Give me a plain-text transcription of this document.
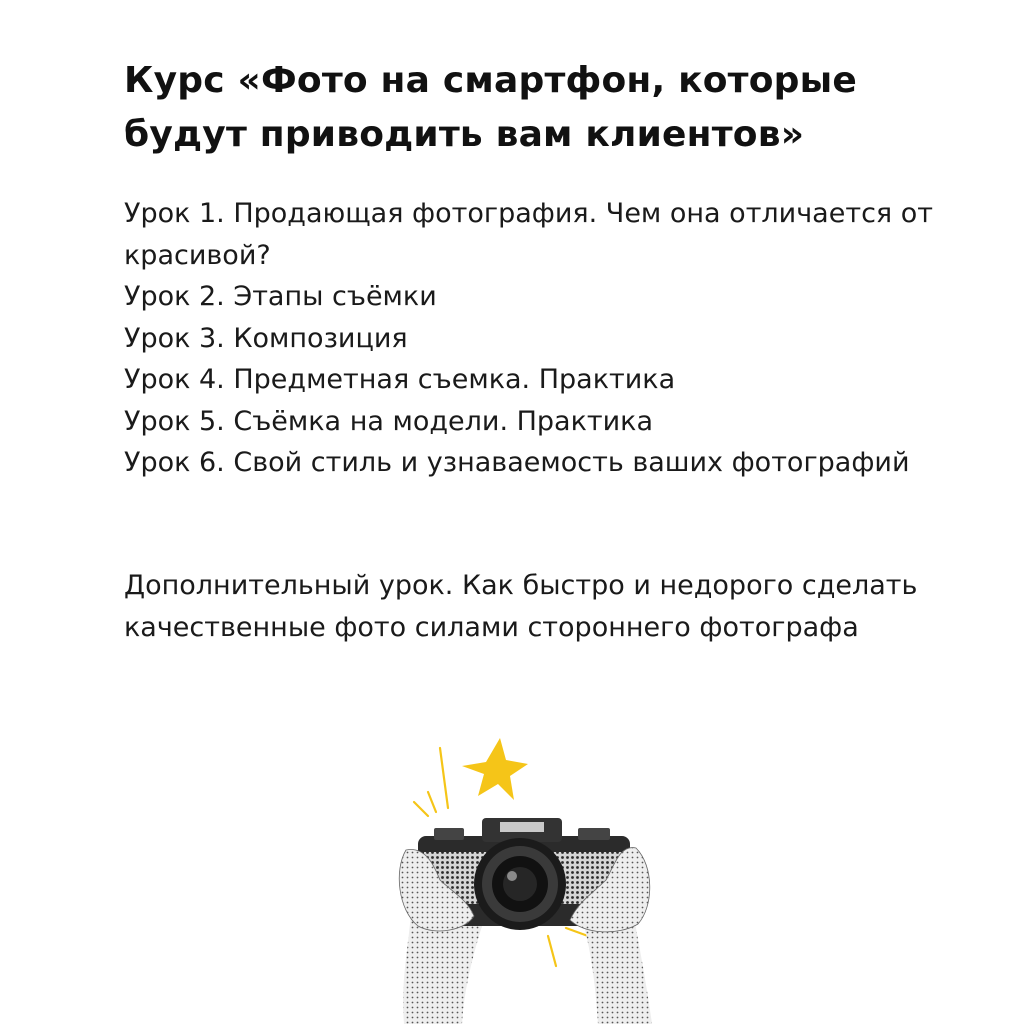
Курс «Фото на смартфон, которые будут приводить вам клиентов»
Урок 1. Продающая фотография. Чем она отличается от красивой?
Урок 2. Этапы съёмки
Урок 3. Композиция
Урок 4. Предметная съемка. Практика
Урок 5. Съёмка на модели. Практика
Урок 6. Свой стиль и узнаваемость ваших фотографий

Дополнительный урок. Как быстро и недорого сделать качественные фото силами стороннего фотографа
